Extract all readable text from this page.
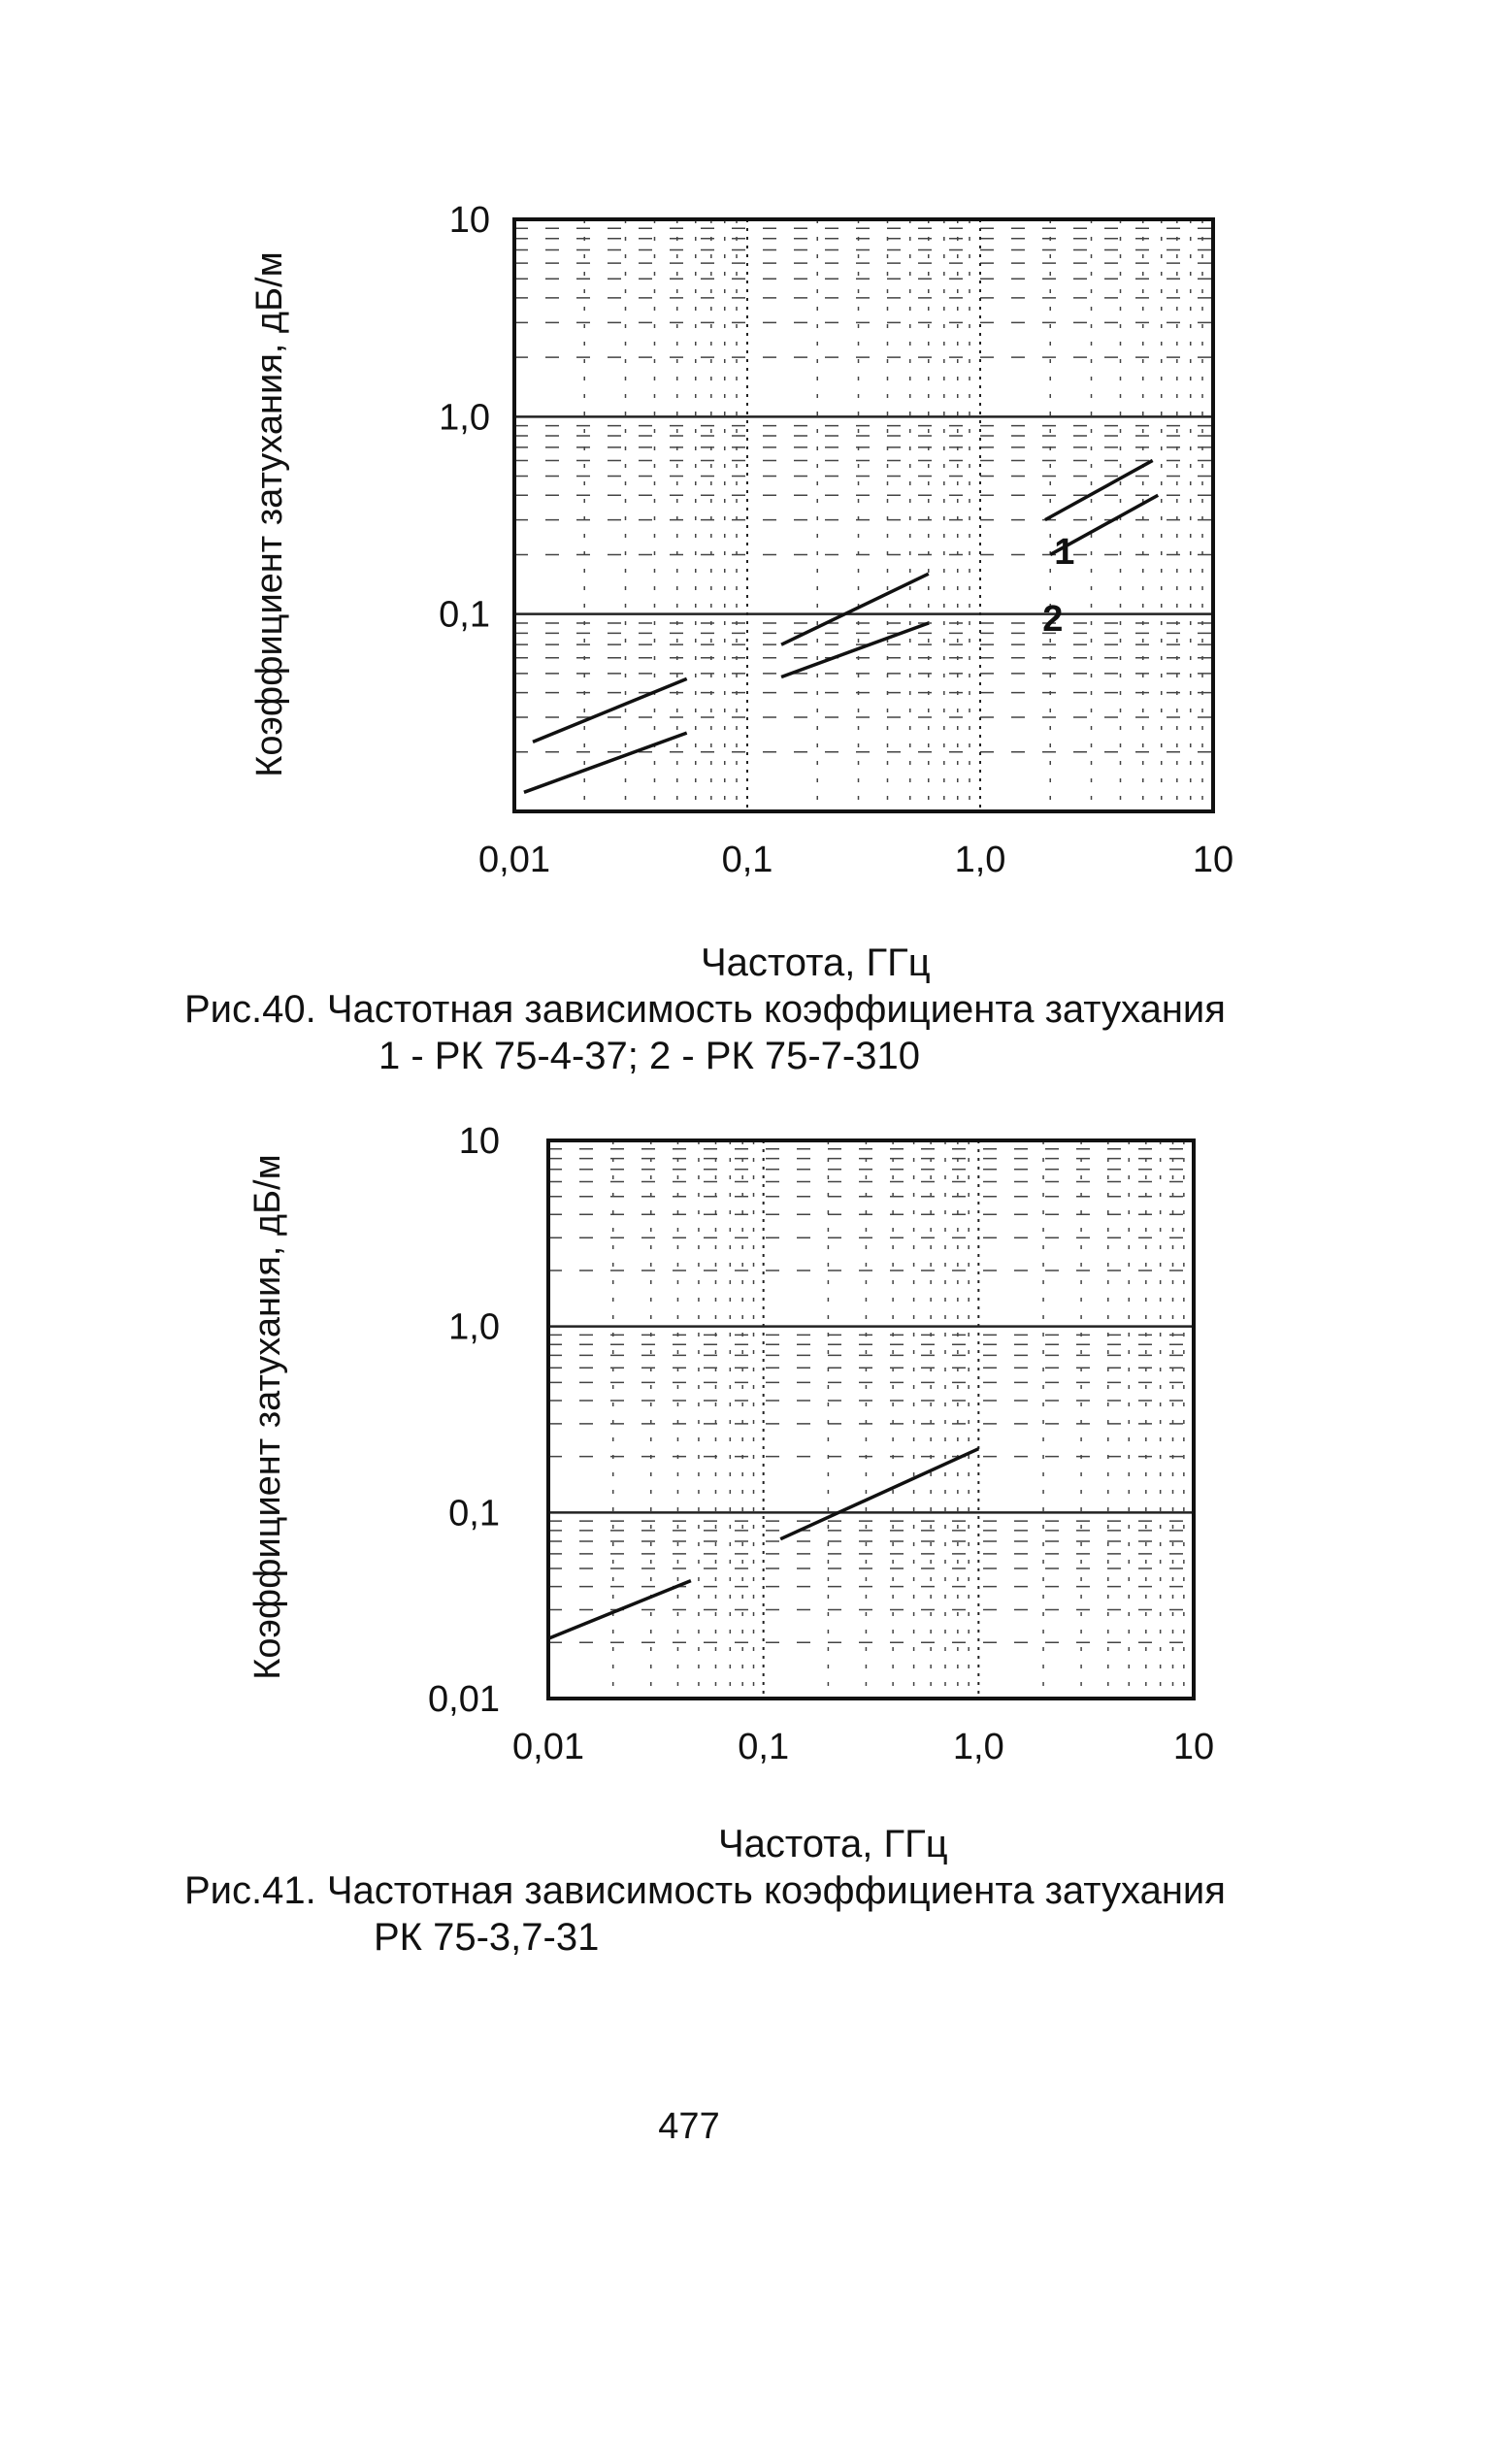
0,01	0,1	1,0	10
0,1
1,0
10
Коэффициент затухания, дБ/м	1
2
0,01	0,1	1,0	10
0,01
0,1
1,0
10
Коэффициент затухания, дБ/м
Частота, ГГц
Рис.40. Частотная зависимость коэффициента затухания
1 - РК 75-4-37; 2 - РК 75-7-310
Частота, ГГц
Рис.41. Частотная зависимость коэффициента затухания
РК 75-3,7-31
477
